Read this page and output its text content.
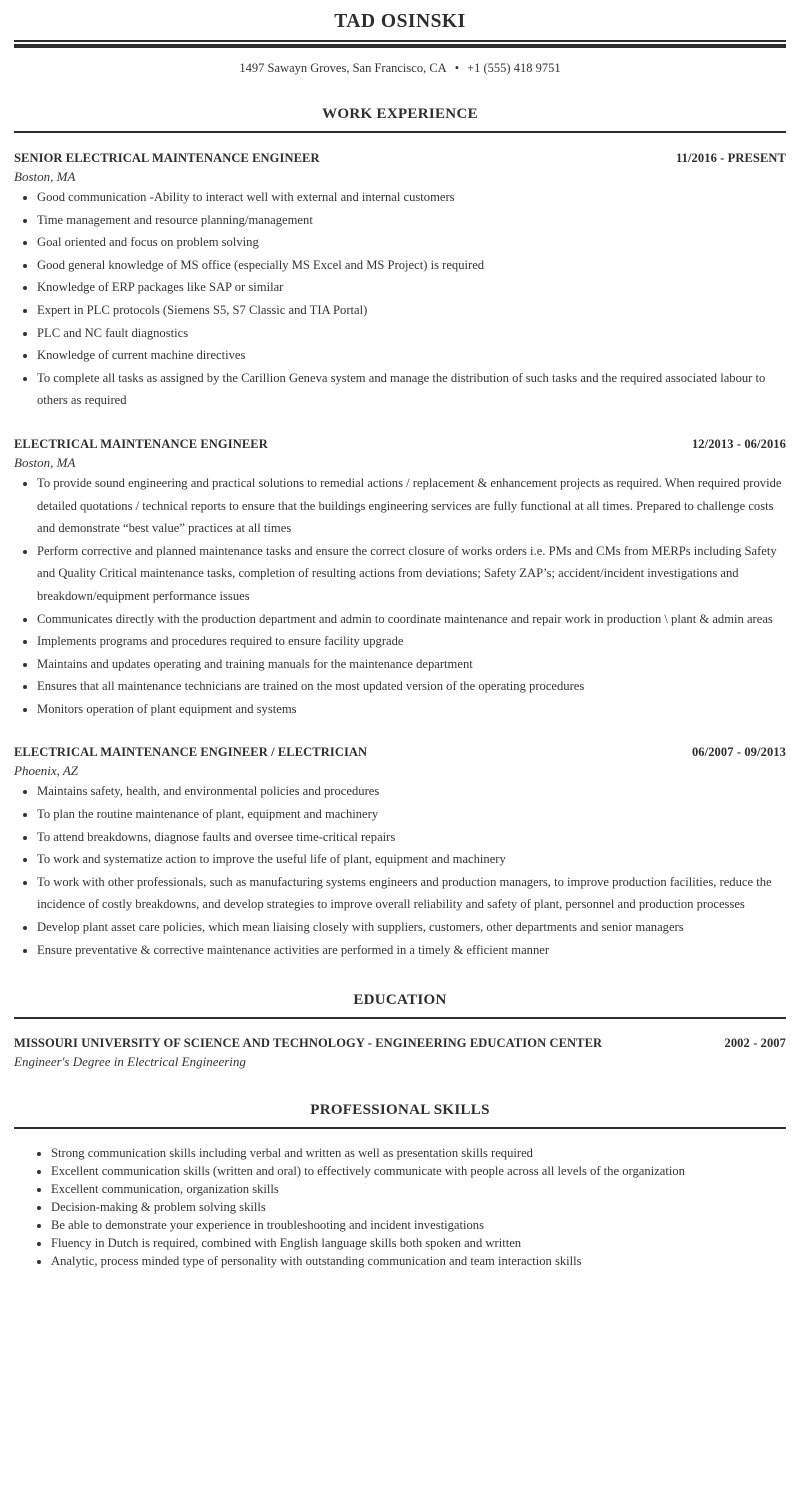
TAD OSINSKI
1497 Sawayn Groves, San Francisco, CA • +1 (555) 418 9751
WORK EXPERIENCE
SENIOR ELECTRICAL MAINTENANCE ENGINEER	11/2016 - PRESENT
Boston, MA
• Good communication -Ability to interact well with external and internal customers
• Time management and resource planning/management
• Goal oriented and focus on problem solving
• Good general knowledge of MS office (especially MS Excel and MS Project) is required
• Knowledge of ERP packages like SAP or similar
• Expert in PLC protocols (Siemens S5, S7 Classic and TIA Portal)
• PLC and NC fault diagnostics
• Knowledge of current machine directives
• To complete all tasks as assigned by the Carillion Geneva system and manage the distribution of such tasks and the required associated labour to others as required
ELECTRICAL MAINTENANCE ENGINEER	12/2013 - 06/2016
Boston, MA
• To provide sound engineering and practical solutions to remedial actions / replacement & enhancement projects as required. When required provide detailed quotations / technical reports to ensure that the buildings engineering services are fully functional at all times. Prepared to challenge costs and demonstrate “best value” practices at all times
• Perform corrective and planned maintenance tasks and ensure the correct closure of works orders i.e. PMs and CMs from MERPs including Safety and Quality Critical maintenance tasks, completion of resulting actions from deviations; Safety ZAP’s; accident/incident investigations and breakdown/equipment performance issues
• Communicates directly with the production department and admin to coordinate maintenance and repair work in production \ plant & admin areas
• Implements programs and procedures required to ensure facility upgrade
• Maintains and updates operating and training manuals for the maintenance department
• Ensures that all maintenance technicians are trained on the most updated version of the operating procedures
• Monitors operation of plant equipment and systems
ELECTRICAL MAINTENANCE ENGINEER / ELECTRICIAN	06/2007 - 09/2013
Phoenix, AZ
• Maintains safety, health, and environmental policies and procedures
• To plan the routine maintenance of plant, equipment and machinery
• To attend breakdowns, diagnose faults and oversee time-critical repairs
• To work and systematize action to improve the useful life of plant, equipment and machinery
• To work with other professionals, such as manufacturing systems engineers and production managers, to improve production facilities, reduce the incidence of costly breakdowns, and develop strategies to improve overall reliability and safety of plant, personnel and production processes
• Develop plant asset care policies, which mean liaising closely with suppliers, customers, other departments and senior managers
• Ensure preventative & corrective maintenance activities are performed in a timely & efficient manner
EDUCATION
MISSOURI UNIVERSITY OF SCIENCE AND TECHNOLOGY - ENGINEERING EDUCATION CENTER	2002 - 2007
Engineer's Degree in Electrical Engineering
PROFESSIONAL SKILLS
• Strong communication skills including verbal and written as well as presentation skills required
• Excellent communication skills (written and oral) to effectively communicate with people across all levels of the organization
• Excellent communication, organization skills
• Decision-making & problem solving skills
• Be able to demonstrate your experience in troubleshooting and incident investigations
• Fluency in Dutch is required, combined with English language skills both spoken and written
• Analytic, process minded type of personality with outstanding communication and team interaction skills
